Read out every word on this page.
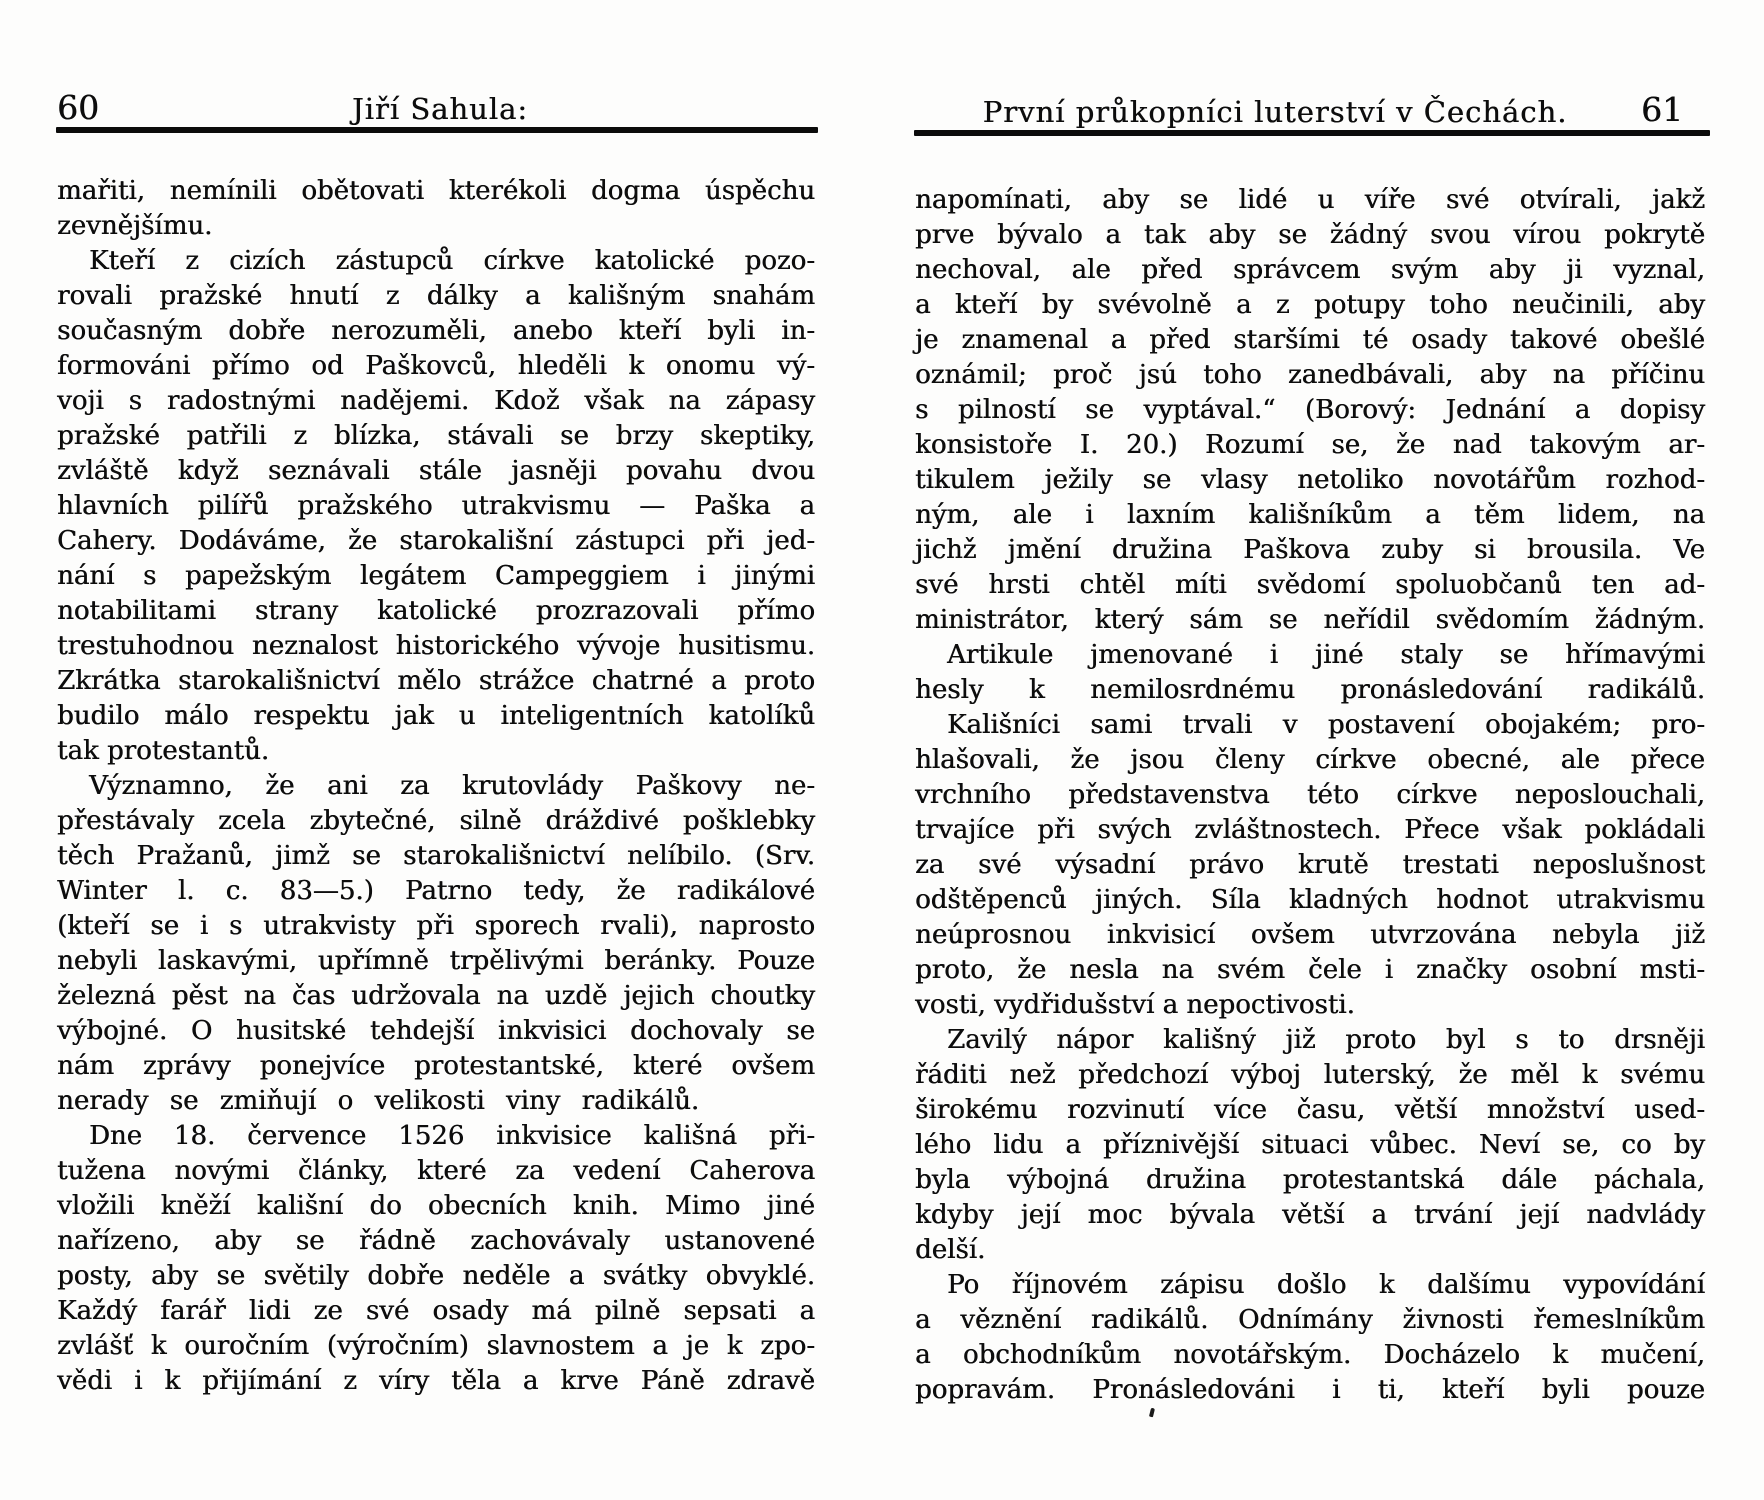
60	Jiří Sahula:
mařiti, nemínili obětovati kterékoli dogma úspěchu
zevnějšímu.
Kteří z cizích zástupců církve katolické pozo-
rovali pražské hnutí z dálky a kališným snahám
současným dobře nerozuměli, anebo kteří byli in-
formováni přímo od Paškovců, hleděli k onomu vý-
voji s radostnými nadějemi. Kdož však na zápasy
pražské patřili z blízka, stávali se brzy skeptiky,
zvláště když seznávali stále jasněji povahu dvou
hlavních pilířů pražského utrakvismu — Paška a
Cahery. Dodáváme, že starokališní zástupci při jed-
nání s papežským legátem Campeggiem i jinými
notabilitami strany katolické prozrazovali přímo
trestuhodnou neznalost historického vývoje husitismu.
Zkrátka starokališnictví mělo strážce chatrné a proto
budilo málo respektu jak u inteligentních katolíků
tak protestantů.
Významno, že ani za krutovlády Paškovy ne-
přestávaly zcela zbytečné, silně dráždivé pošklebky
těch Pražanů, jimž se starokališnictví nelíbilo. (Srv.
Winter l. c. 83—5.) Patrno tedy, že radikálové
(kteří se i s utrakvisty při sporech rvali), naprosto
nebyli laskavými, upřímně trpělivými beránky. Pouze
železná pěst na čas udržovala na uzdě jejich choutky
výbojné. O husitské tehdejší inkvisici dochovaly se
nám zprávy ponejvíce protestantské, které ovšem
nerady se zmiňují o velikosti viny radikálů.
Dne 18. července 1526 inkvisice kališná při-
tužena novými články, které za vedení Caherova
vložili kněží kališní do obecních knih. Mimo jiné
nařízeno, aby se řádně zachovávaly ustanovené
posty, aby se světily dobře neděle a svátky obvyklé.
Každý farář lidi ze své osady má pilně sepsati a
zvlášť k ouročním (výročním) slavnostem a je k zpo-
vědi i k přijímání z víry těla a krve Páně zdravě
První průkopníci luterství v Čechách.	61
napomínati, aby se lidé u víře své otvírali, jakž
prve bývalo a tak aby se žádný svou vírou pokrytě
nechoval, ale před správcem svým aby ji vyznal,
a kteří by svévolně a z potupy toho neučinili, aby
je znamenal a před staršími té osady takové obešlé
oznámil; proč jsú toho zanedbávali, aby na příčinu
s pilností se vyptával.“ (Borový: Jednání a dopisy
konsistoře I. 20.) Rozumí se, že nad takovým ar-
tikulem ježily se vlasy netoliko novotářům rozhod-
ným, ale i laxním kališníkům a těm lidem, na
jichž jmění družina Paškova zuby si brousila. Ve
své hrsti chtěl míti svědomí spoluobčanů ten ad-
ministrátor, který sám se neřídil svědomím žádným.
Artikule jmenované i jiné staly se hřímavými
hesly k nemilosrdnému pronásledování radikálů.
Kališníci sami trvali v postavení obojakém; pro-
hlašovali, že jsou členy církve obecné, ale přece
vrchního představenstva této církve neposlouchali,
trvajíce při svých zvláštnostech. Přece však pokládali
za své výsadní právo krutě trestati neposlušnost
odštěpenců jiných. Síla kladných hodnot utrakvismu
neúprosnou inkvisicí ovšem utvrzována nebyla již
proto, že nesla na svém čele i značky osobní msti-
vosti, vydřidušství a nepoctivosti.
Zavilý nápor kališný již proto byl s to drsněji
řáditi než předchozí výboj luterský, že měl k svému
širokému rozvinutí více času, větší množství used-
lého lidu a příznivější situaci vůbec. Neví se, co by
byla výbojná družina protestantská dále páchala,
kdyby její moc bývala větší a trvání její nadvlády
delší.
Po říjnovém zápisu došlo k dalšímu vypovídání
a věznění radikálů. Odnímány živnosti řemeslníkům
a obchodníkům novotářským. Docházelo k mučení,
popravám. Pronásledováni i ti, kteří byli pouze
